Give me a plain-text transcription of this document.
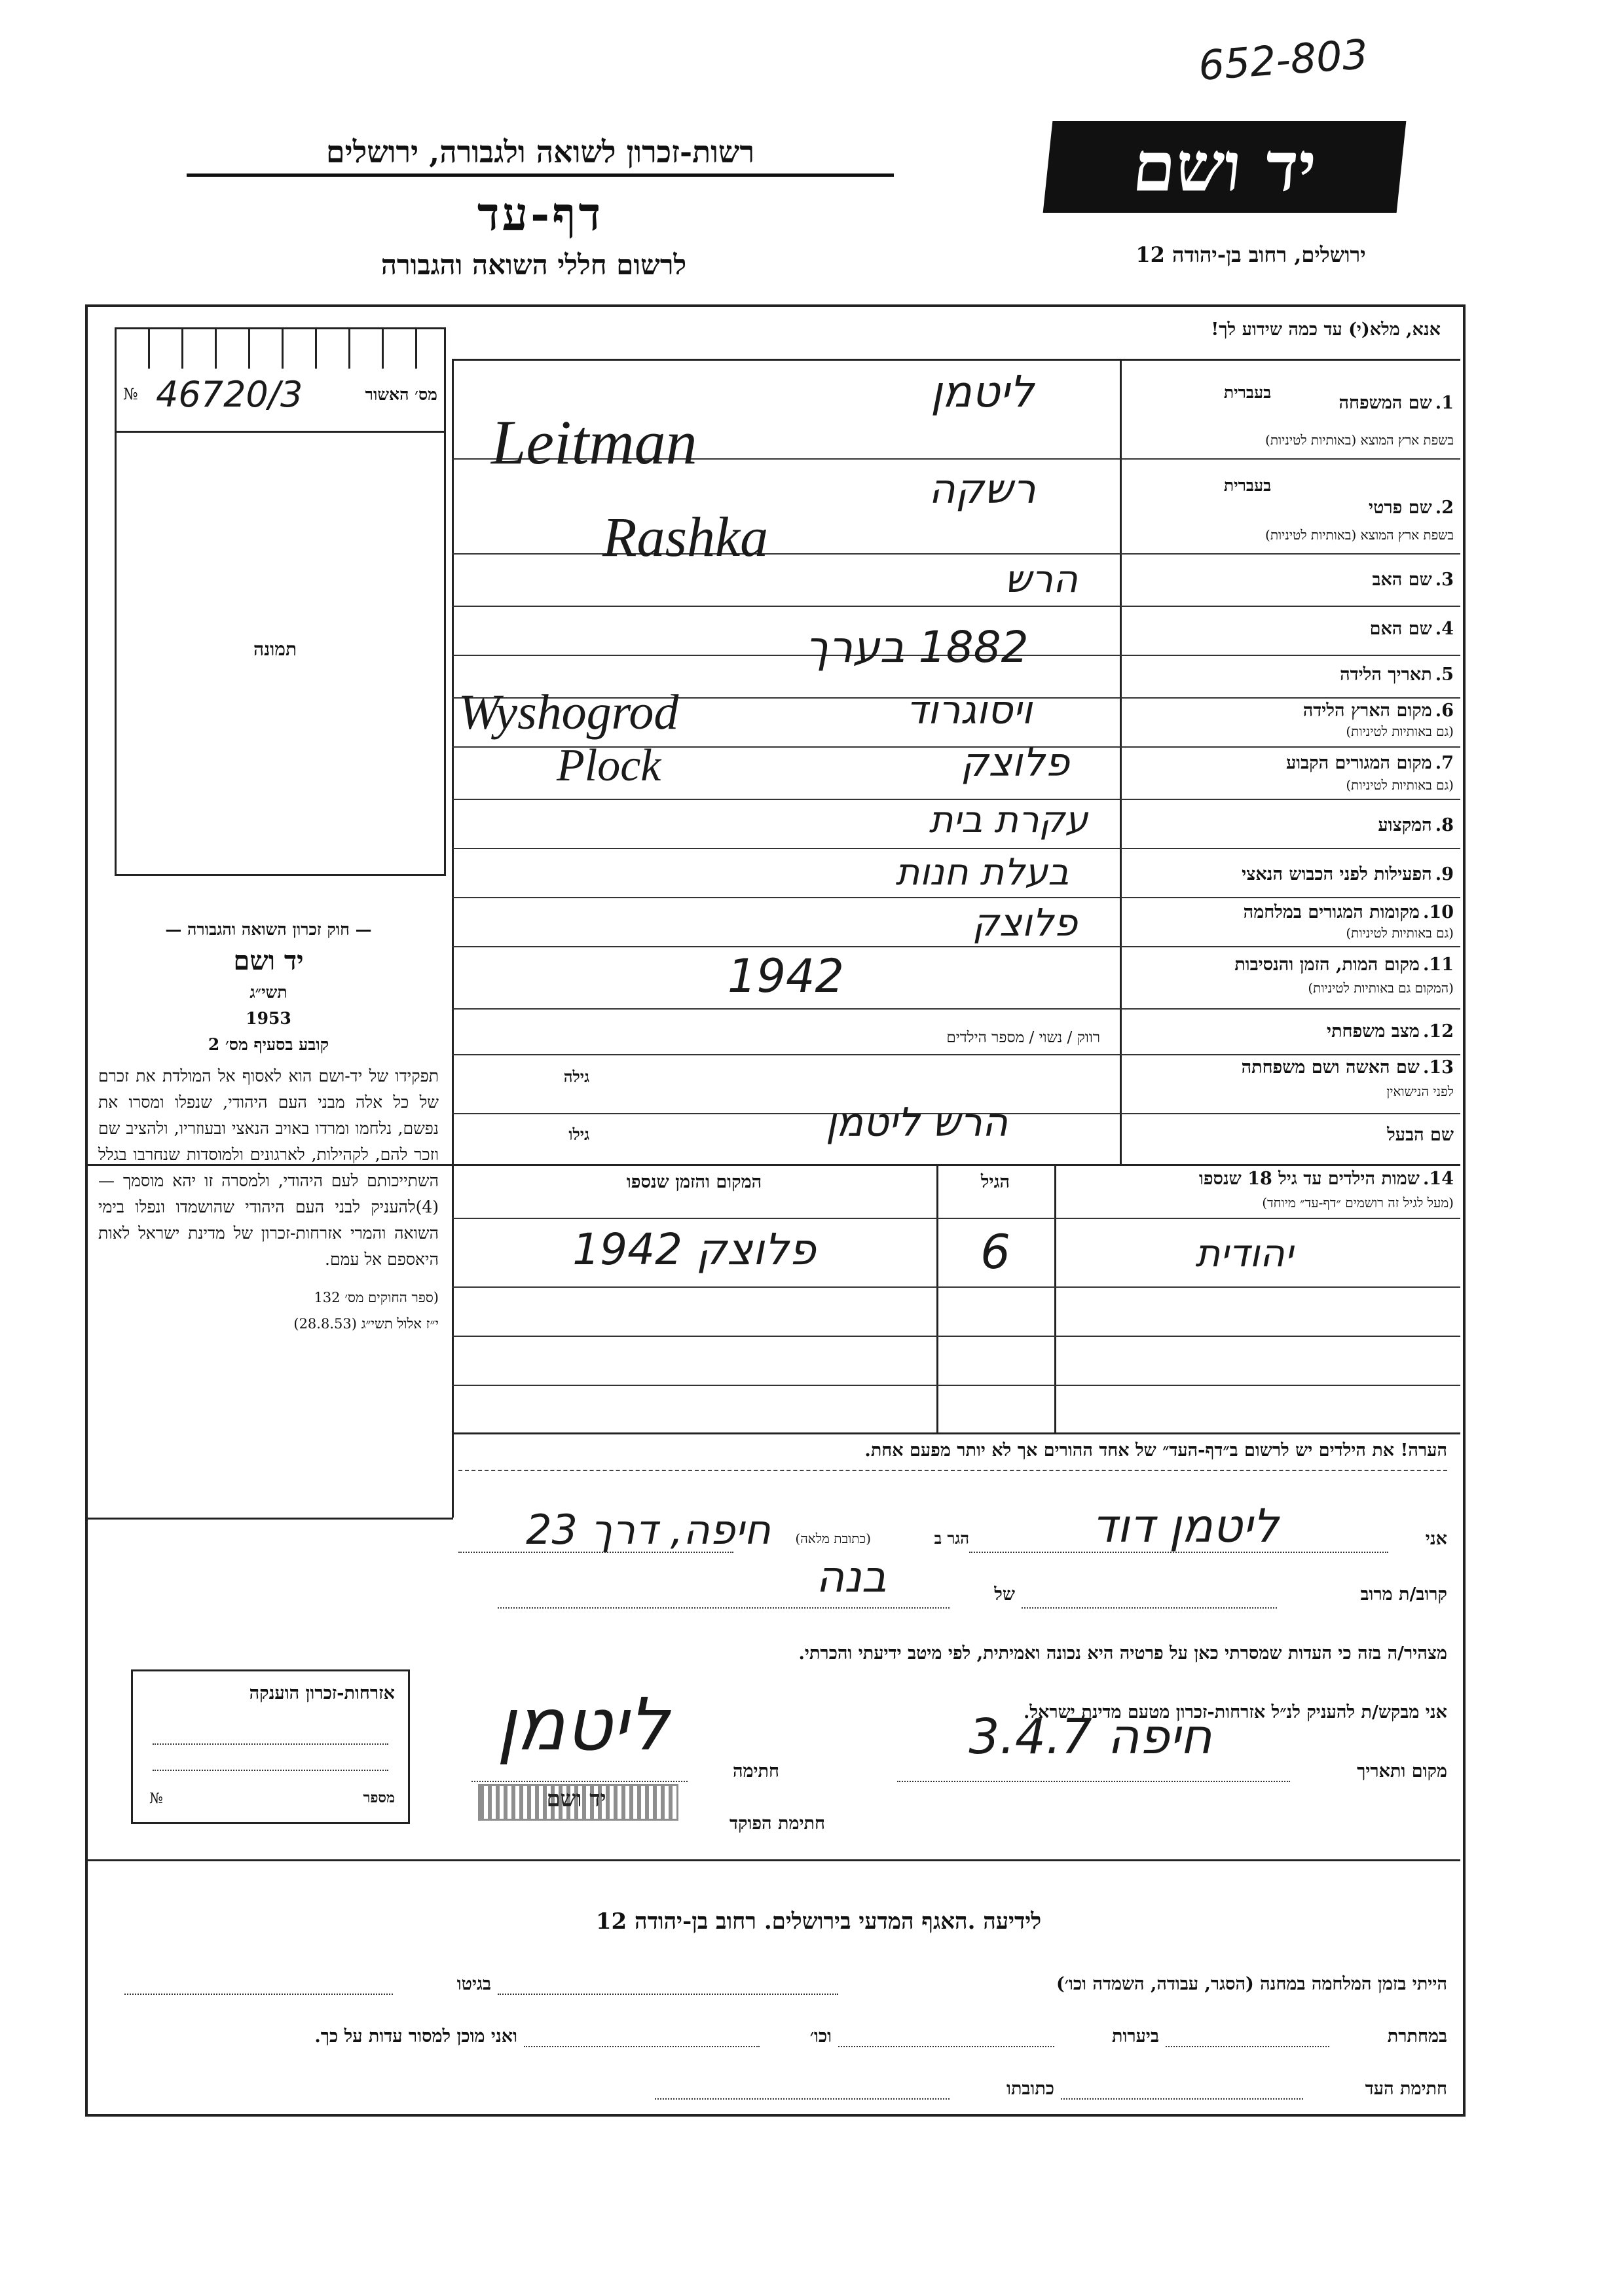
652-803
רשות-זכרון לשואה ולגבורה, ירושלים
דף-עד
לרשום חללי השואה והגבורה
יד ושם
ירושלים, רחוב בן-יהודה 12
אנא, מלא(י) עד כמה שידוע לך!
№ 46720/3	מס׳ האשור
תמונה
1. שם המשפחה
בעברית
בשפת ארץ המוצא (באותיות לטיניות)
ליטמן
Leitman
2. שם פרטי
בעברית
בשפת ארץ המוצא (באותיות לטיניות)
רשקה
Rashka
3. שם האב
הרש
4. שם האם
5. תאריך הלידה
1882 בערך
6. מקום הארץ הלידה
(גם באותיות לטיניות)
ויסוגרוד
Wyshogrod
7. מקום המגורים הקבוע
(גם באותיות לטיניות)
פלוצק
Plock
8. המקצוע
עקרת בית
9. הפעילות לפני הכבוש הנאצי
בעלת חנות
10. מקומות המגורים במלחמה
(גם באותיות לטיניות)
פלוצק
11. מקום המות, הזמן והנסיבות
(המקום גם באותיות לטיניות)
1942
12. מצב משפחתי
רווק / נשוי / מספר הילדים
13. שם האשה ושם משפחתה
לפני הנישואין
גילה
שם הבעל
הרש ליטמן
גילו
— חוק זכרון השואה והגבורה —
יד ושם
תשי״ג
1953
קובע בסעיף מס׳ 2
תפקידו של יד-ושם הוא לאסוף אל המולדת את זכרם של כל אלה מבני העם היהודי, שנפלו ומסרו את נפשם, נלחמו ומרדו באויב הנאצי ובעוזריו, ולהציב שם וזכר להם, לקהילות, לארגונים ולמוסדות שנחרבו בגלל השתייכותם לעם היהודי, ולמסרה זו יהא מוסמך — (4)להעניק לבני העם היהודי שהושמדו ונפלו בימי השואה והמרי אזרחות-זכרון של מדינת ישראל לאות היאספם אל עמם.
(ספר החוקים מס׳ 132
י״ז אלול תשי״ג (28.8.53)
14. שמות הילדים עד גיל 18 שנספו
(מעל לגיל זה רושמים ״דף-עד״ מיוחד)
הגיל
המקום והזמן שנספו
יהודית
6
פלוצק 1942
הערה! את הילדים יש לרשום ב״דף-העד״ של אחד ההורים אך לא יותר מפעם אחת.
אני
ליטמן דוד
הגר ב
(כתובת מלאה)
חיפה, דרך 23
קרוב/ת מרוב
של
בנה
מצהיר/ה בזה כי העדות שמסרתי כאן על פרטיה היא נכונה ואמיתית, לפי מיטב ידיעתי והכרתי.
אני מבקש/ת להעניק לנ״ל אזרחות-זכרון מטעם מדינת ישראל.
מקום ותאריך
חיפה 3.4.7
חתימה
ליטמן
יד ושם
חתימת הפוקד
אזרחות-זכרון הוענקה
№	מספר
לידיעה .האגף המדעי בירושלים. רחוב בן-יהודה 12
הייתי בזמן המלחמה במחנה (הסגר, עבודה, השמדה וכו׳)
בגיטו
במחתרת
ביערות
וכו׳
ואני מוכן למסור עדות על כך.
חתימת העד
כתובתו
